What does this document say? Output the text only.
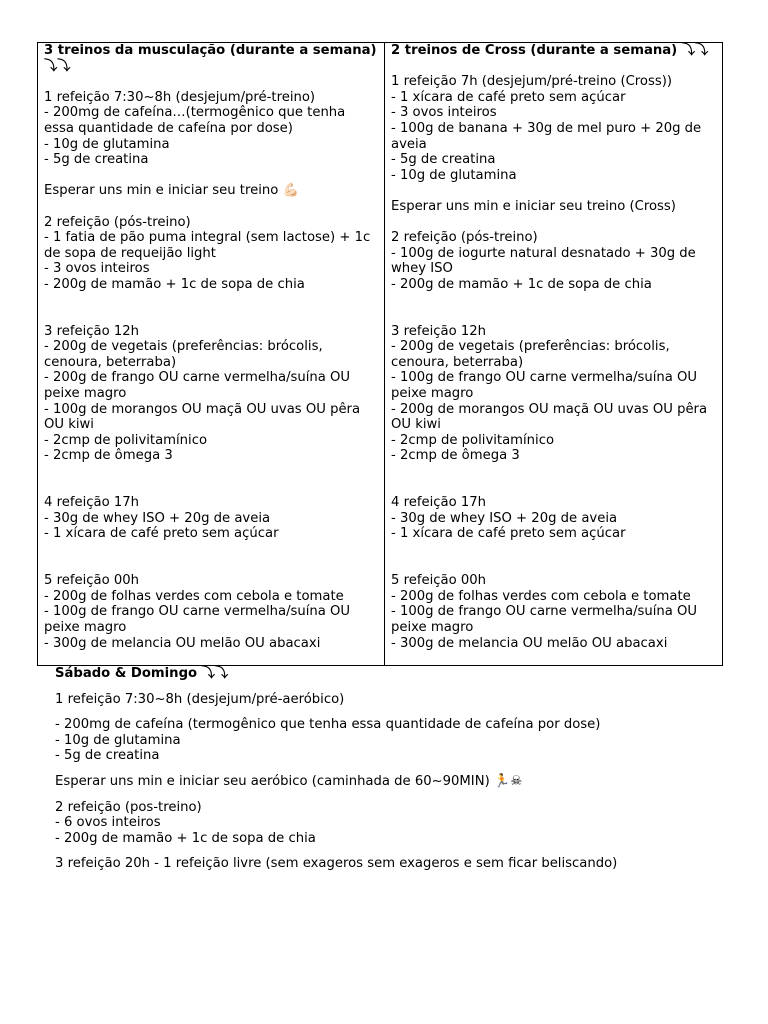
3 treinos da musculação (durante a semana) ⤵⤵
1 refeição 7:30~8h (desjejum/pré-treino)
- 200mg de cafeína…(termogênico que tenha essa quantidade de cafeína por dose)
- 10g de glutamina
- 5g de creatina
Esperar uns min e iniciar seu treino 💪🏻
2 refeição (pós-treino)
- 1 fatia de pão puma integral (sem lactose) + 1c de sopa de requeijão light
- 3 ovos inteiros
- 200g de mamão + 1c de sopa de chia
3 refeição 12h
- 200g de vegetais (preferências: brócolis, cenoura, beterraba)
- 200g de frango OU carne vermelha/suína OU peixe magro
- 100g de morangos OU maçã OU uvas OU pêra OU kiwi
- 2cmp de polivitamínico
- 2cmp de ômega 3
4 refeição 17h
- 30g de whey ISO + 20g de aveia
- 1 xícara de café preto sem açúcar
5 refeição 00h
- 200g de folhas verdes com cebola e tomate
- 100g de frango OU carne vermelha/suína OU peixe magro
- 300g de melancia OU melão OU abacaxi

2 treinos de Cross (durante a semana) ⤵⤵
1 refeição 7h (desjejum/pré-treino (Cross))
- 1 xícara de café preto sem açúcar
- 3 ovos inteiros
- 100g de banana + 30g de mel puro + 20g de aveia
- 5g de creatina
- 10g de glutamina
Esperar uns min e iniciar seu treino (Cross)
2 refeição (pós-treino)
- 100g de iogurte natural desnatado + 30g de whey ISO
- 200g de mamão + 1c de sopa de chia
3 refeição 12h
- 200g de vegetais (preferências: brócolis, cenoura, beterraba)
- 100g de frango OU carne vermelha/suína OU peixe magro
- 200g de morangos OU maçã OU uvas OU pêra OU kiwi
- 2cmp de polivitamínico
- 2cmp de ômega 3
4 refeição 17h
- 30g de whey ISO + 20g de aveia
- 1 xícara de café preto sem açúcar
5 refeição 00h
- 200g de folhas verdes com cebola e tomate
- 100g de frango OU carne vermelha/suína OU peixe magro
- 300g de melancia OU melão OU abacaxi
Sábado & Domingo ⤵⤵
1 refeição 7:30~8h (desjejum/pré-aeróbico)
- 200mg de cafeína (termogênico que tenha essa quantidade de cafeína por dose)
- 10g de glutamina
- 5g de creatina
Esperar uns min e iniciar seu aeróbico (caminhada de 60~90MIN) 🏃☠
2 refeição (pos-treino)
- 6 ovos inteiros
- 200g de mamão + 1c de sopa de chia
3 refeição 20h - 1 refeição livre (sem exageros sem exageros e sem ficar beliscando)
